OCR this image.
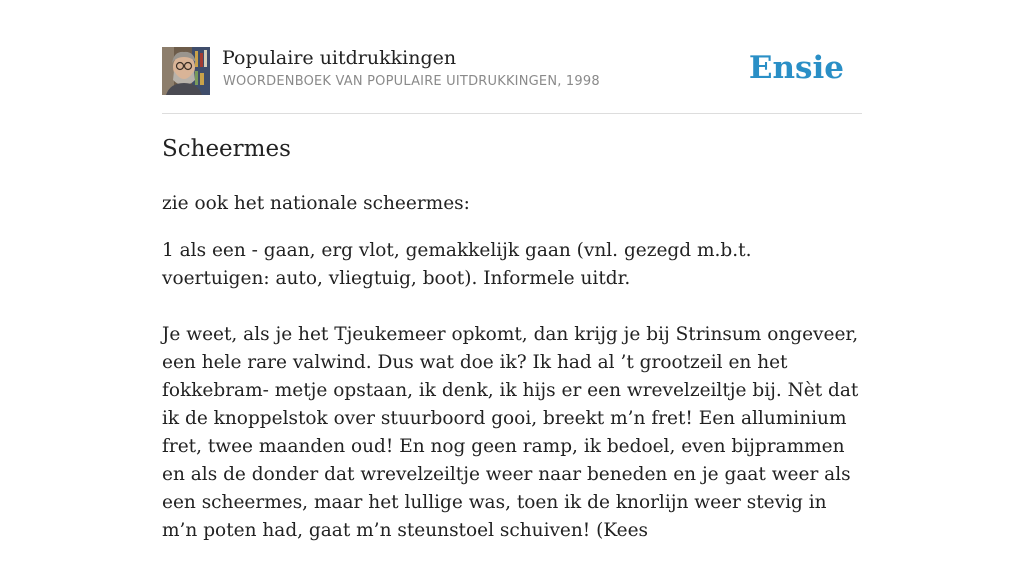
Populaire uitdrukkingen
WOORDENBOEK VAN POPULAIRE UITDRUKKINGEN, 1998	Ensie
Scheermes

zie ook het nationale scheermes:

1 als een - gaan, erg vlot, gemakkelijk gaan (vnl. gezegd m.b.t. voertuigen: auto, vliegtuig, boot). Informele uitdr.

Je weet, als je het Tjeukemeer opkomt, dan krijg je bij Strinsum ongeveer, een hele rare valwind. Dus wat doe ik? Ik had al ’t grootzeil en het fokkebram- metje opstaan, ik denk, ik hijs er een wrevelzeiltje bij. Nèt dat ik de knoppelstok over stuurboord gooi, breekt m’n fret! Een alluminium fret, twee maanden oud! En nog geen ramp, ik bedoel, even bijprammen en als de donder dat wrevelzeiltje weer naar beneden en je gaat weer als een scheermes, maar het lullige was, toen ik de knorlijn weer stevig in m’n poten had, gaat m’n steunstoel schuiven! (Kees
